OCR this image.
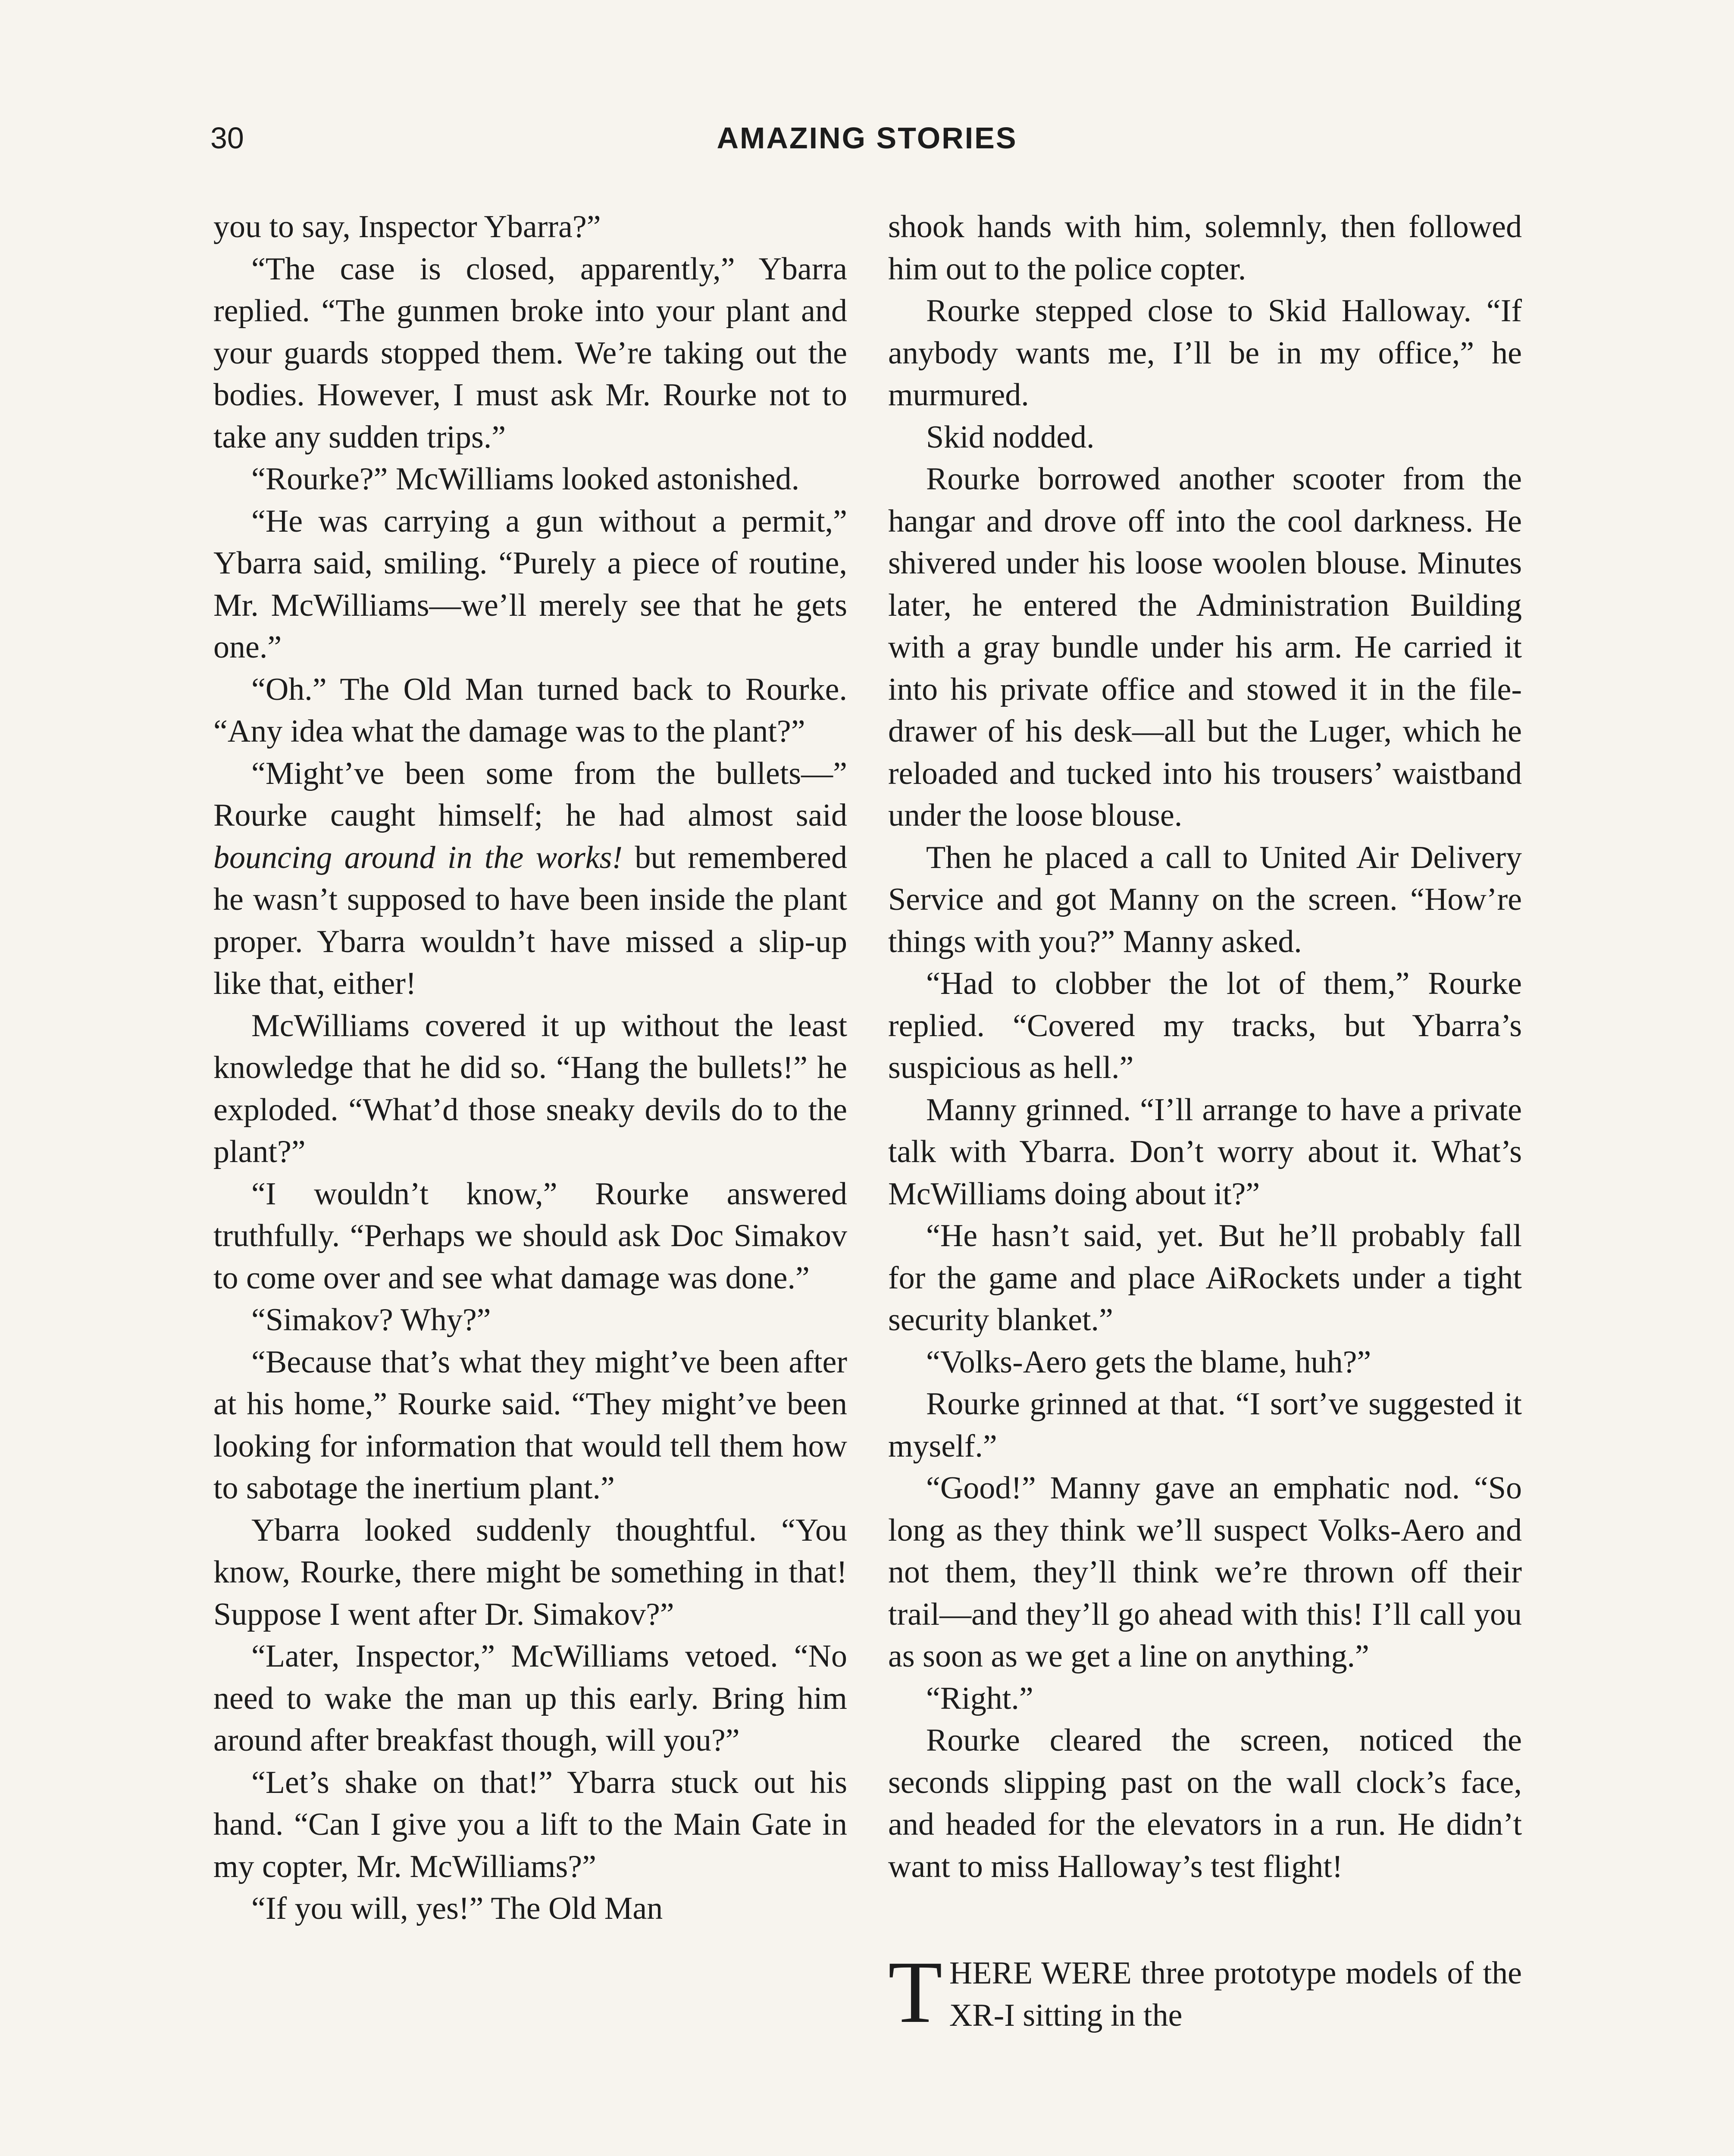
30	AMAZING STORIES

you to say, Inspector Ybarra?”

“The case is closed, apparently,” Ybarra replied. “The gunmen broke into your plant and your guards stopped them. We’re taking out the bodies. However, I must ask Mr. Rourke not to take any sudden trips.”

“Rourke?” McWilliams looked astonished.

“He was carrying a gun without a permit,” Ybarra said, smiling. “Purely a piece of routine, Mr. McWilliams—we’ll merely see that he gets one.”

“Oh.” The Old Man turned back to Rourke. “Any idea what the damage was to the plant?”

“Might’ve been some from the bullets—” Rourke caught himself; he had almost said bouncing around in the works! but remembered he wasn’t supposed to have been inside the plant proper. Ybarra wouldn’t have missed a slip-up like that, either!

McWilliams covered it up without the least knowledge that he did so. “Hang the bullets!” he exploded. “What’d those sneaky devils do to the plant?”

“I wouldn’t know,” Rourke answered truthfully. “Perhaps we should ask Doc Simakov to come over and see what damage was done.”

“Simakov? Why?”

“Because that’s what they might’ve been after at his home,” Rourke said. “They might’ve been looking for information that would tell them how to sabotage the inertium plant.”

Ybarra looked suddenly thoughtful. “You know, Rourke, there might be something in that! Suppose I went after Dr. Simakov?”

“Later, Inspector,” McWilliams vetoed. “No need to wake the man up this early. Bring him around after breakfast though, will you?”

“Let’s shake on that!” Ybarra stuck out his hand. “Can I give you a lift to the Main Gate in my copter, Mr. McWilliams?”

“If you will, yes!” The Old Man

shook hands with him, solemnly, then followed him out to the police copter.

Rourke stepped close to Skid Halloway. “If anybody wants me, I’ll be in my office,” he murmured.

Skid nodded.

Rourke borrowed another scooter from the hangar and drove off into the cool darkness. He shivered under his loose woolen blouse. Minutes later, he entered the Administration Building with a gray bundle under his arm. He carried it into his private office and stowed it in the file-drawer of his desk—all but the Luger, which he reloaded and tucked into his trousers’ waistband under the loose blouse.

Then he placed a call to United Air Delivery Service and got Manny on the screen. “How’re things with you?” Manny asked.

“Had to clobber the lot of them,” Rourke replied. “Covered my tracks, but Ybarra’s suspicious as hell.”

Manny grinned. “I’ll arrange to have a private talk with Ybarra. Don’t worry about it. What’s McWilliams doing about it?”

“He hasn’t said, yet. But he’ll probably fall for the game and place AiRockets under a tight security blanket.”

“Volks-Aero gets the blame, huh?”

Rourke grinned at that. “I sort’ve suggested it myself.”

“Good!” Manny gave an emphatic nod. “So long as they think we’ll suspect Volks-Aero and not them, they’ll think we’re thrown off their trail—and they’ll go ahead with this! I’ll call you as soon as we get a line on anything.”

“Right.”

Rourke cleared the screen, noticed the seconds slipping past on the wall clock’s face, and headed for the elevators in a run. He didn’t want to miss Halloway’s test flight!

THERE WERE three prototype models of the XR-I sitting in the
